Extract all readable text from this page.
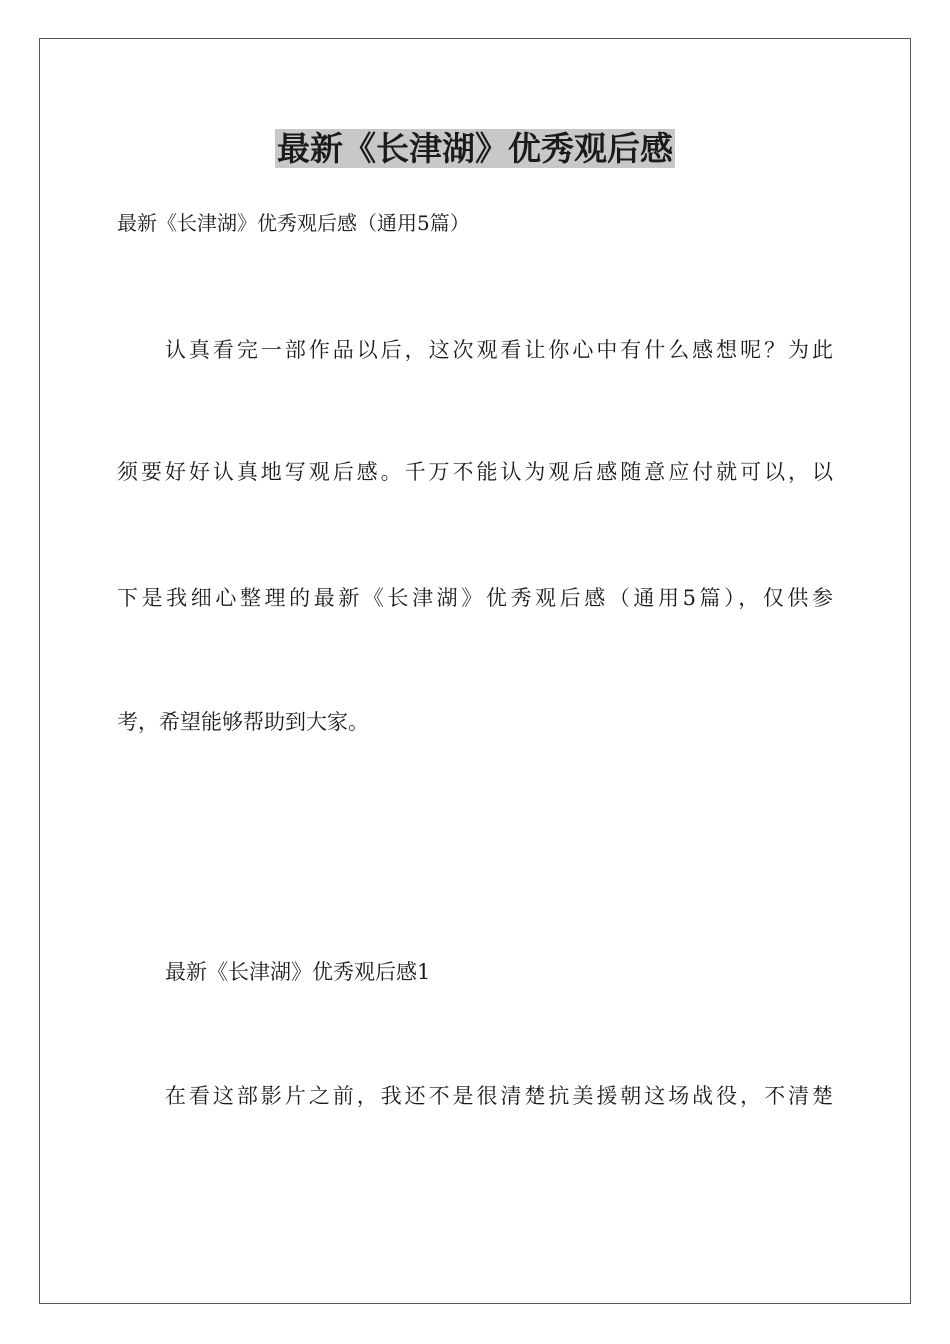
最新《长津湖》优秀观后感

最新《长津湖》优秀观后感（通用5篇）

认真看完一部作品以后，这次观看让你心中有什么感想呢？为此

须要好好认真地写观后感。千万不能认为观后感随意应付就可以，以

下是我细心整理的最新《长津湖》优秀观后感（通用5篇），仅供参

考，希望能够帮助到大家。

最新《长津湖》优秀观后感1

在看这部影片之前，我还不是很清楚抗美援朝这场战役，不清楚
